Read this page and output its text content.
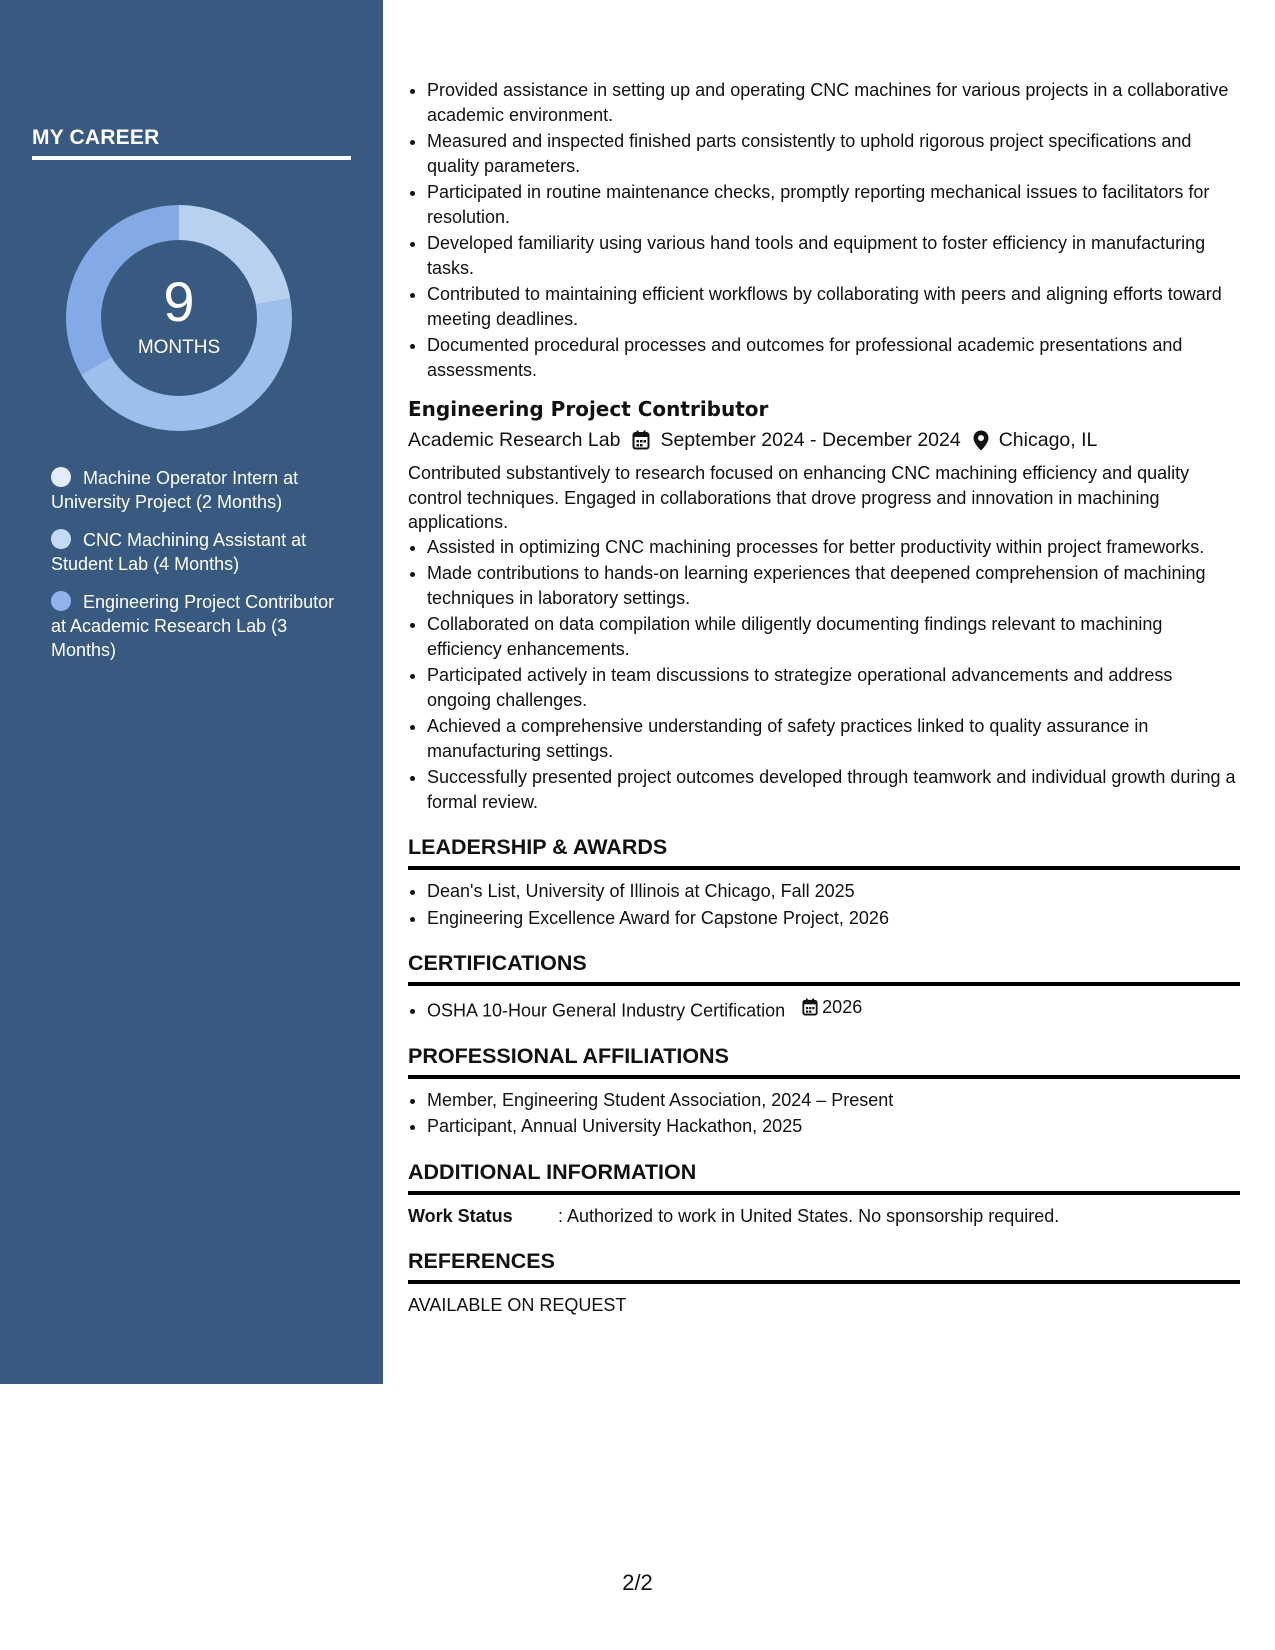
MY CAREER
9
MONTHS
Machine Operator Intern at University Project (2 Months)
CNC Machining Assistant at Student Lab (4 Months)
Engineering Project Contributor at Academic Research Lab (3 Months)
• Provided assistance in setting up and operating CNC machines for various projects in a collaborative academic environment.
• Measured and inspected finished parts consistently to uphold rigorous project specifications and quality parameters.
• Participated in routine maintenance checks, promptly reporting mechanical issues to facilitators for resolution.
• Developed familiarity using various hand tools and equipment to foster efficiency in manufacturing tasks.
• Contributed to maintaining efficient workflows by collaborating with peers and aligning efforts toward meeting deadlines.
• Documented procedural processes and outcomes for professional academic presentations and assessments.
Engineering Project Contributor
Academic Research Lab September 2024 - December 2024 Chicago, IL
Contributed substantively to research focused on enhancing CNC machining efficiency and quality control techniques. Engaged in collaborations that drove progress and innovation in machining applications.
• Assisted in optimizing CNC machining processes for better productivity within project frameworks.
• Made contributions to hands-on learning experiences that deepened comprehension of machining techniques in laboratory settings.
• Collaborated on data compilation while diligently documenting findings relevant to machining efficiency enhancements.
• Participated actively in team discussions to strategize operational advancements and address ongoing challenges.
• Achieved a comprehensive understanding of safety practices linked to quality assurance in manufacturing settings.
• Successfully presented project outcomes developed through teamwork and individual growth during a formal review.
LEADERSHIP & AWARDS
• Dean's List, University of Illinois at Chicago, Fall 2025
• Engineering Excellence Award for Capstone Project, 2026
CERTIFICATIONS
• OSHA 10-Hour General Industry Certification 2026
PROFESSIONAL AFFILIATIONS
• Member, Engineering Student Association, 2024 – Present
• Participant, Annual University Hackathon, 2025
ADDITIONAL INFORMATION
Work Status	: Authorized to work in United States. No sponsorship required.
REFERENCES
AVAILABLE ON REQUEST
2/2
